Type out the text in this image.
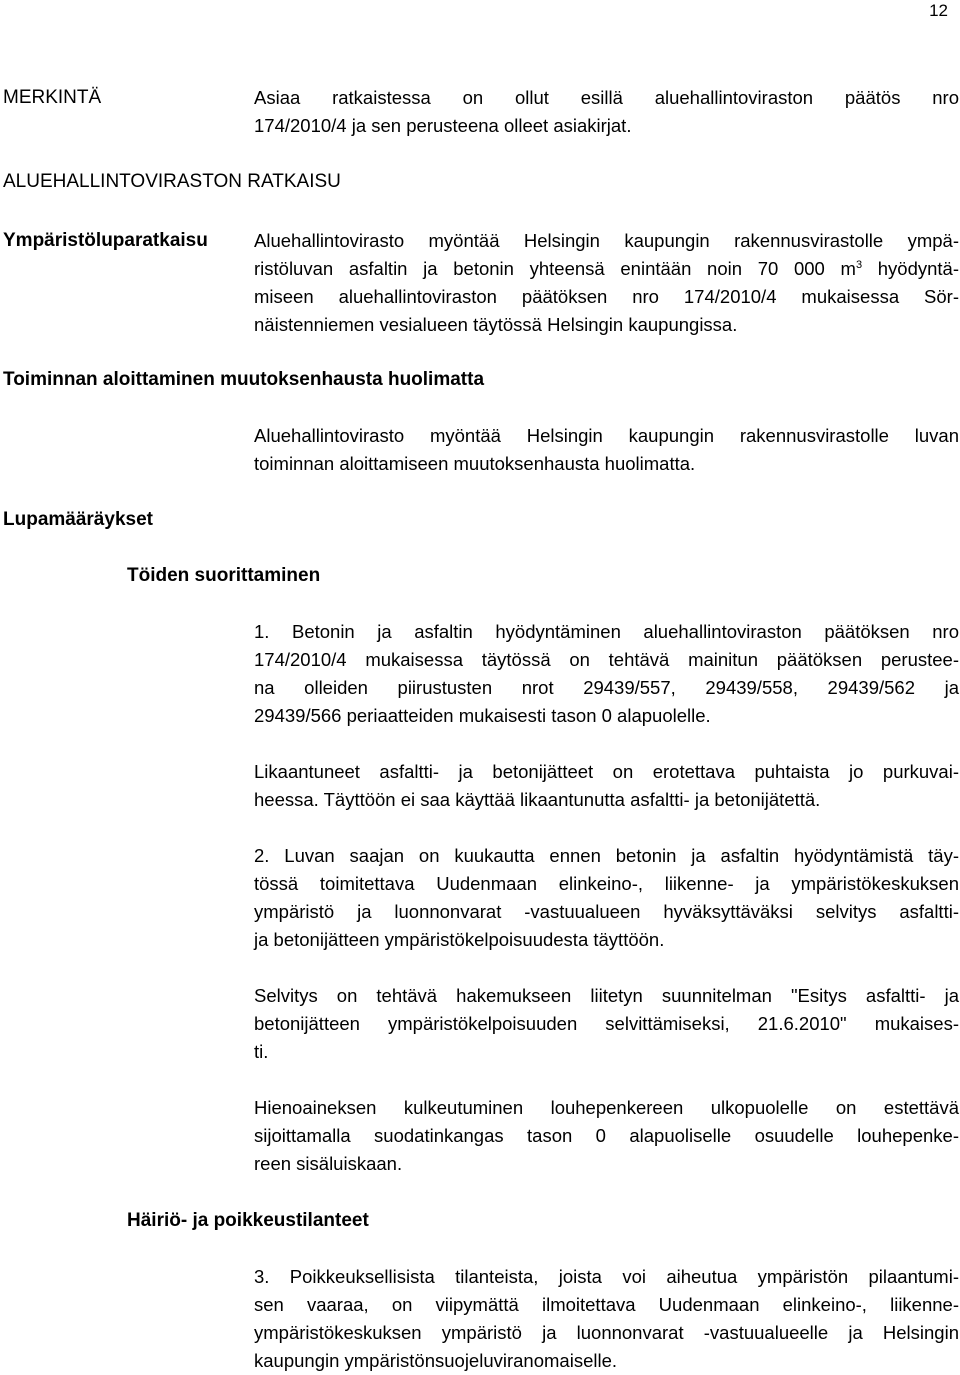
12
MERKINTÄ	Asiaa ratkaistessa on ollut esillä aluehallintoviraston päätös nro
174/2010/4 ja sen perusteena olleet asiakirjat.
ALUEHALLINTOVIRASTON RATKAISU
Ympäristöluparatkaisu Aluehallintovirasto myöntää Helsingin kaupungin rakennusvirastolle ympä-
ristöluvan asfaltin ja betonin yhteensä enintään noin 70 000 $m^3$ hyödyntä-
miseen aluehallintoviraston päätöksen nro 174/2010/4 mukaisessa Sör-
näistenniemen vesialueen täytössä Helsingin kaupungissa.
Toiminnan aloittaminen muutoksenhausta huolimatta
Aluehallintovirasto myöntää Helsingin kaupungin rakennusvirastolle luvan
toiminnan aloittamiseen muutoksenhausta huolimatta.
Lupamääräykset
Töiden suorittaminen
1. Betonin ja asfaltin hyödyntäminen aluehallintoviraston päätöksen nro
174/2010/4 mukaisessa täytössä on tehtävä mainitun päätöksen perustee-
na olleiden piirustusten nrot 29439/557, 29439/558, 29439/562 ja
29439/566 periaatteiden mukaisesti tason 0 alapuolelle.
Likaantuneet asfaltti- ja betonijätteet on erotettava puhtaista jo purkuvai-
heessa. Täyttöön ei saa käyttää likaantunutta asfaltti- ja betonijätettä.
2. Luvan saajan on kuukautta ennen betonin ja asfaltin hyödyntämistä täy-
tössä toimitettava Uudenmaan elinkeino-, liikenne- ja ympäristökeskuksen
ympäristö ja luonnonvarat -vastuualueen hyväksyttäväksi selvitys asfaltti-
ja betonijätteen ympäristökelpoisuudesta täyttöön.
Selvitys on tehtävä hakemukseen liitetyn suunnitelman "Esitys asfaltti- ja
betonijätteen ympäristökelpoisuuden selvittämiseksi, 21.6.2010" mukaises-
ti.
Hienoaineksen kulkeutuminen louhepenkereen ulkopuolelle on estettävä
sijoittamalla suodatinkangas tason 0 alapuoliselle osuudelle louhepenke-
reen sisäluiskaan.
Häiriö- ja poikkeustilanteet
3. Poikkeuksellisista tilanteista, joista voi aiheutua ympäristön pilaantumi-
sen vaaraa, on viipymättä ilmoitettava Uudenmaan elinkeino-, liikenne-
ympäristökeskuksen ympäristö ja luonnonvarat -vastuualueelle ja Helsingin
kaupungin ympäristönsuojeluviranomaiselle.
